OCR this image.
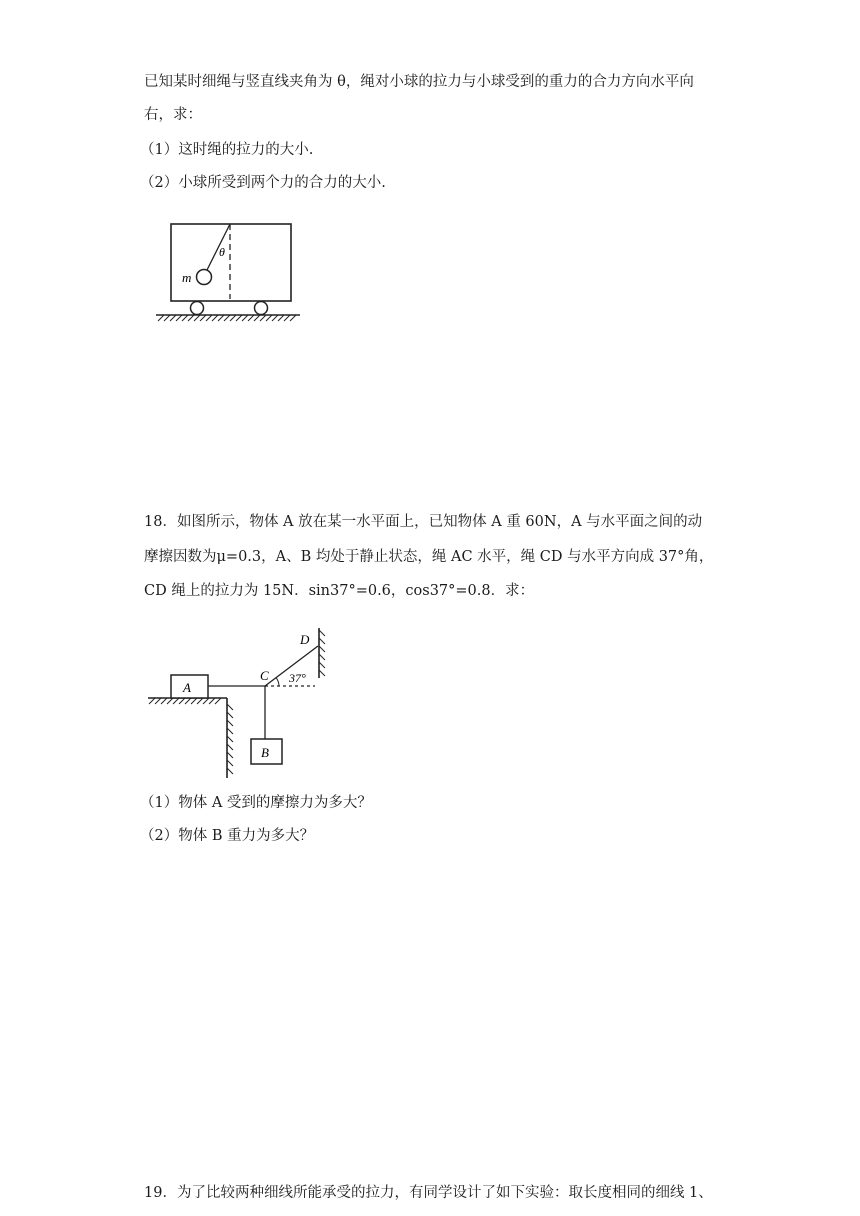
已知某时细绳与竖直线夹角为 θ，绳对小球的拉力与小球受到的重力的合力方向水平向
右，求：
（1）这时绳的拉力的大小.
（2）小球所受到两个力的合力的大小.
m
θ
18．如图所示，物体 A 放在某一水平面上，已知物体 A 重 60N，A 与水平面之间的动
摩擦因数为μ=0.3，A、B 均处于静止状态，绳 AC 水平，绳 CD 与水平方向成 37°角，
CD 绳上的拉力为 15N．sin37°=0.6，cos37°=0.8．求：
A
37°
D
C
B
（1）物体 A 受到的摩擦力为多大？
（2）物体 B 重力为多大？
19．为了比较两种细线所能承受的拉力，有同学设计了如下实验：取长度相同的细线 1、
